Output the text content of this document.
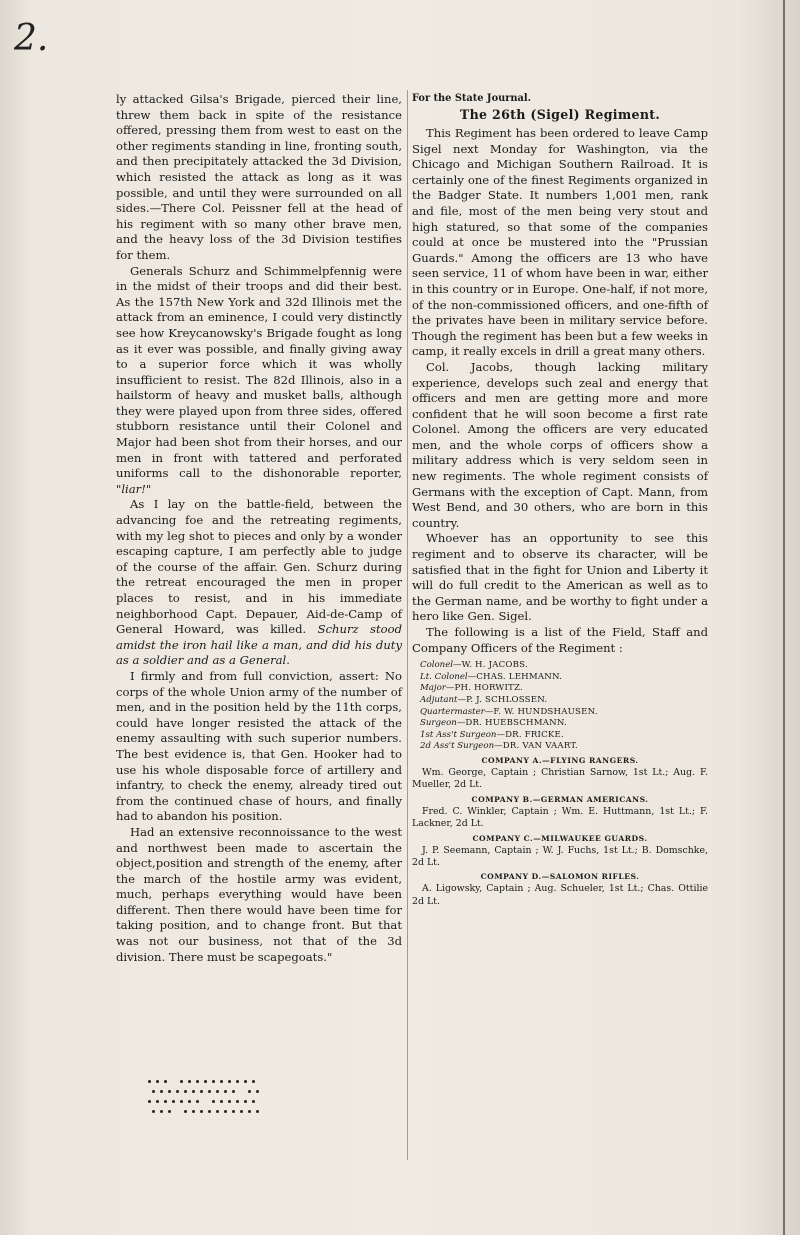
2.

ly attacked Gilsa's Brigade, pierced their line, threw them back in spite of the resistance offered, pressing them from west to east on the other regiments standing in line, fronting south, and then precipitately attacked the 3d Division, which resisted the attack as long as it was possible, and until they were surrounded on all sides.—There Col. Peissner fell at the head of his regiment with so many other brave men, and the heavy loss of the 3d Division testifies for them.

Generals Schurz and Schimmelpfennig were in the midst of their troops and did their best. As the 157th New York and 32d Illinois met the attack from an eminence, I could very distinctly see how Kreycanowsky's Brigade fought as long as it ever was possible, and finally giving away to a superior force which it was wholly insufficient to resist. The 82d Illinois, also in a hailstorm of heavy and musket balls, although they were played upon from three sides, offered stubborn resistance until their Colonel and Major had been shot from their horses, and our men in front with tattered and perforated uniforms call to the dishonorable reporter, "liar!"

As I lay on the battle-field, between the advancing foe and the retreating regiments, with my leg shot to pieces and only by a wonder escaping capture, I am perfectly able to judge of the course of the affair. Gen. Schurz during the retreat encouraged the men in proper places to resist, and in his immediate neighborhood Capt. Depauer, Aid-de-Camp of General Howard, was killed. Schurz stood amidst the iron hail like a man, and did his duty as a soldier and as a General.

I firmly and from full conviction, assert: No corps of the whole Union army of the number of men, and in the position held by the 11th corps, could have longer resisted the attack of the enemy assaulting with such superior numbers. The best evidence is, that Gen. Hooker had to use his whole disposable force of artillery and infantry, to check the enemy, already tired out from the continued chase of hours, and finally had to abandon his position.

Had an extensive reconnoissance to the west and northwest been made to ascertain the object,position and strength of the enemy, after the march of the hostile army was evident, much, perhaps everything would have been different. Then there would have been time for taking position, and to change front. But that was not our business, not that of the 3d division. There must be scapegoats."

For the State Journal.
The 26th (Sigel) Regiment.

This Regiment has been ordered to leave Camp Sigel next Monday for Washington, via the Chicago and Michigan Southern Railroad. It is certainly one of the finest Regiments organized in the Badger State. It numbers 1,001 men, rank and file, most of the men being very stout and high statured, so that some of the companies could at once be mustered into the "Prussian Guards." Among the officers are 13 who have seen service, 11 of whom have been in war, either in this country or in Europe. One-half, if not more, of the non-commissioned officers, and one-fifth of the privates have been in military service before. Though the regiment has been but a few weeks in camp, it really excels in drill a great many others.

Col. Jacobs, though lacking military experience, develops such zeal and energy that officers and men are getting more and more confident that he will soon become a first rate Colonel. Among the officers are very educated men, and the whole corps of officers show a military address which is very seldom seen in new regiments. The whole regiment consists of Germans with the exception of Capt. Mann, from West Bend, and 30 others, who are born in this country.

Whoever has an opportunity to see this regiment and to observe its character, will be satisfied that in the fight for Union and Liberty it will do full credit to the American as well as to the German name, and be worthy to fight under a hero like Gen. Sigel.

The following is a list of the Field, Staff and Company Officers of the Regiment :

Colonel—W. H. JACOBS.
Lt. Colonel—CHAS. LEHMANN.
Major—PH. HORWITZ.
Adjutant—P. J. SCHLOSSEN.
Quartermaster—F. W. HUNDSHAUSEN.
Surgeon—DR. HUEBSCHMANN.
1st Ass't Surgeon—DR. FRICKE.
2d Ass't Surgeon—DR. VAN VAART.
COMPANY A.—FLYING RANGERS.
Wm. George, Captain ; Christian Sarnow, 1st Lt.; Aug. F. Mueller, 2d Lt.
COMPANY B.—GERMAN AMERICANS.
Fred. C. Winkler, Captain ; Wm. E. Huttmann, 1st Lt.; F. Lackner, 2d Lt.
COMPANY C.—MILWAUKEE GUARDS.
J. P. Seemann, Captain ; W. J. Fuchs, 1st Lt.; B. Domschke, 2d Lt.
COMPANY D.—SALOMON RIFLES.
A. Ligowsky, Captain ; Aug. Schueler, 1st Lt.; Chas. Ottilie 2d Lt.
